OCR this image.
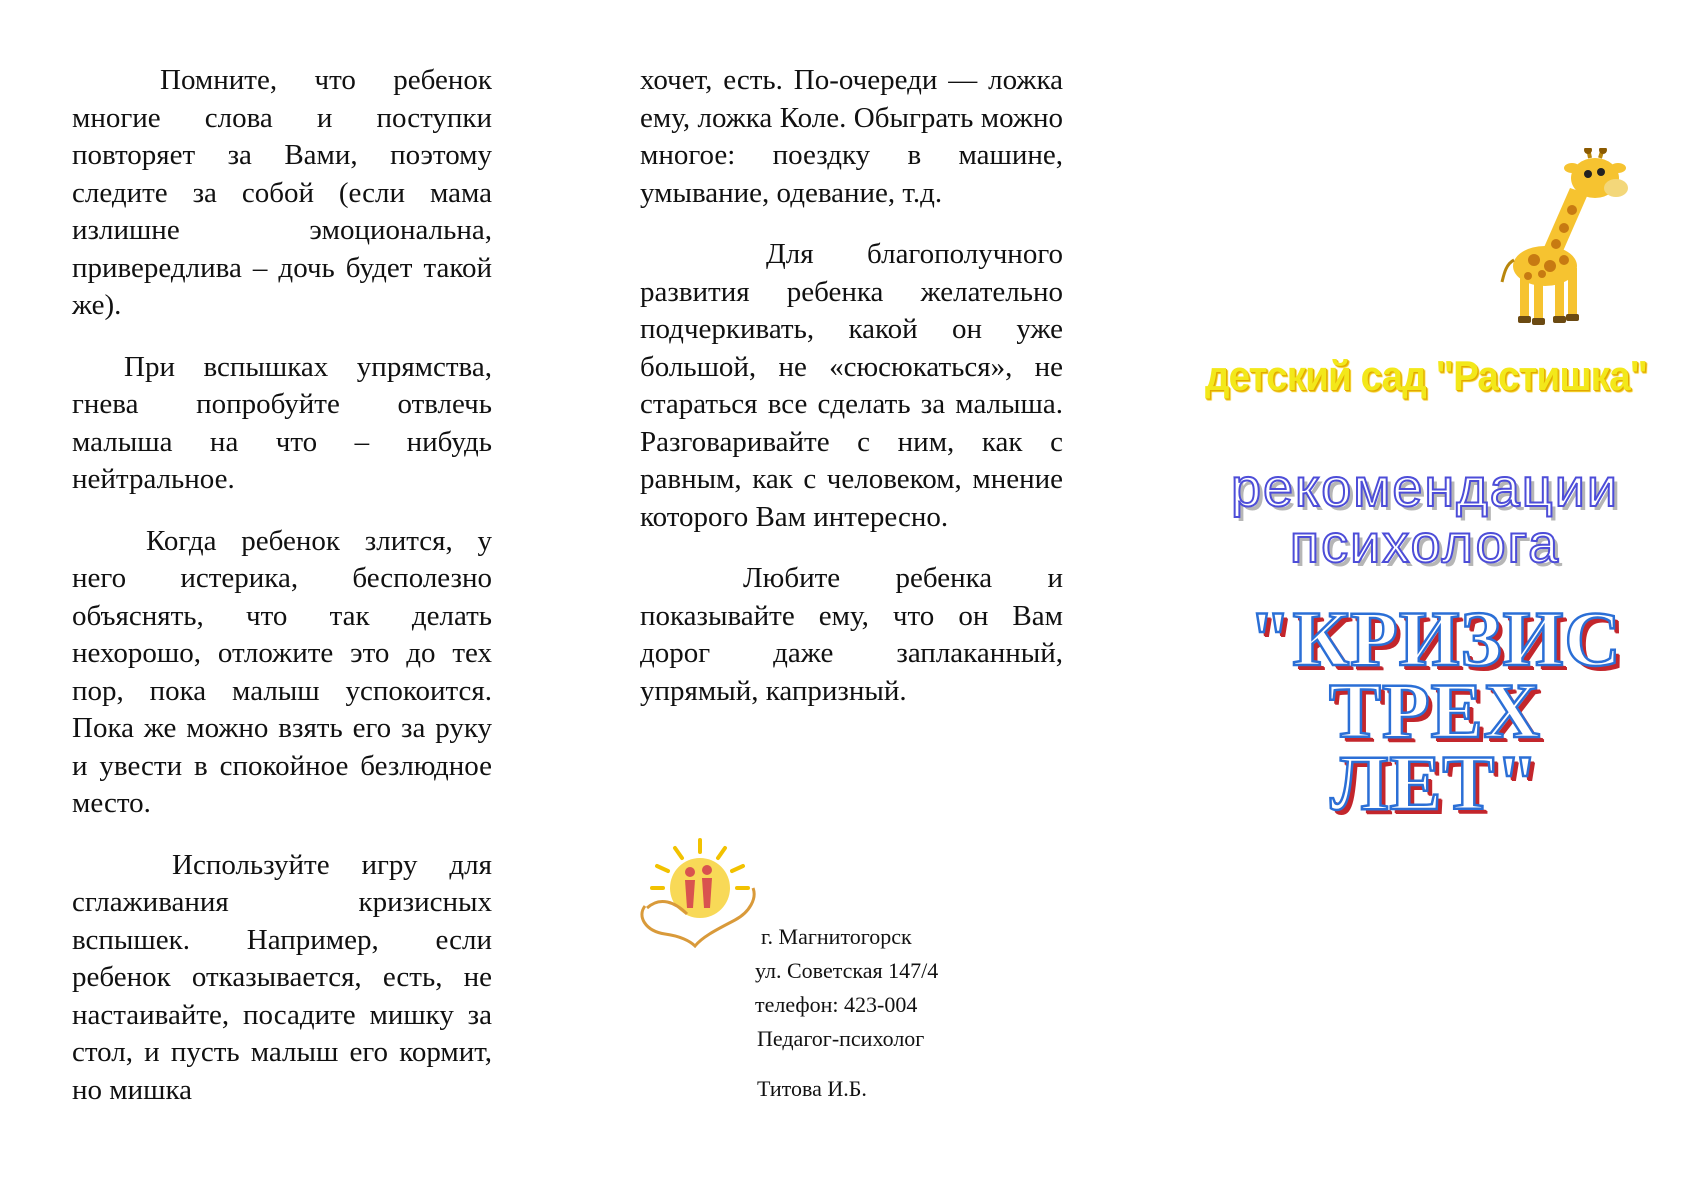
Помните, что ребенок многие слова и поступки повторяет за Вами, поэтому следите за собой (если мама излишне эмоциональна, привередлива – дочь будет такой же).

При вспышках упрямства, гнева попробуйте отвлечь малыша на что – нибудь нейтральное.

Когда ребенок злится, у него истерика, бесполезно объяснять, что так делать нехорошо, отложите это до тех пор, пока малыш успокоится. Пока же можно взять его за руку и увести в спокойное безлюдное место.

Используйте игру для сглаживания кризисных вспышек. Например, если ребенок отказывается, есть, не настаивайте, посадите мишку за стол, и пусть малыш его кормит, но мишка

хочет, есть. По-очереди — ложка ему, ложка Коле. Обыграть можно многое: поездку в машине, умывание, одевание, т.д.

Для благополучного развития ребенка желательно подчеркивать, какой он уже большой, не «сюсюкаться», не стараться все сделать за малыша. Разговаривайте с ним, как с равным, как с человеком, мнение которого Вам интересно.

Любите ребенка и показывайте ему, что он Вам дорог даже заплаканный, упрямый, капризный.

г. Магнитогорск
ул. Советская 147/4
телефон: 423-004
Педагог-психолог
Титова И.Б.
детский сад "Растишка"
рекомендации
психолога
"КРИЗИС
ТРЕХ
ЛЕТ"
